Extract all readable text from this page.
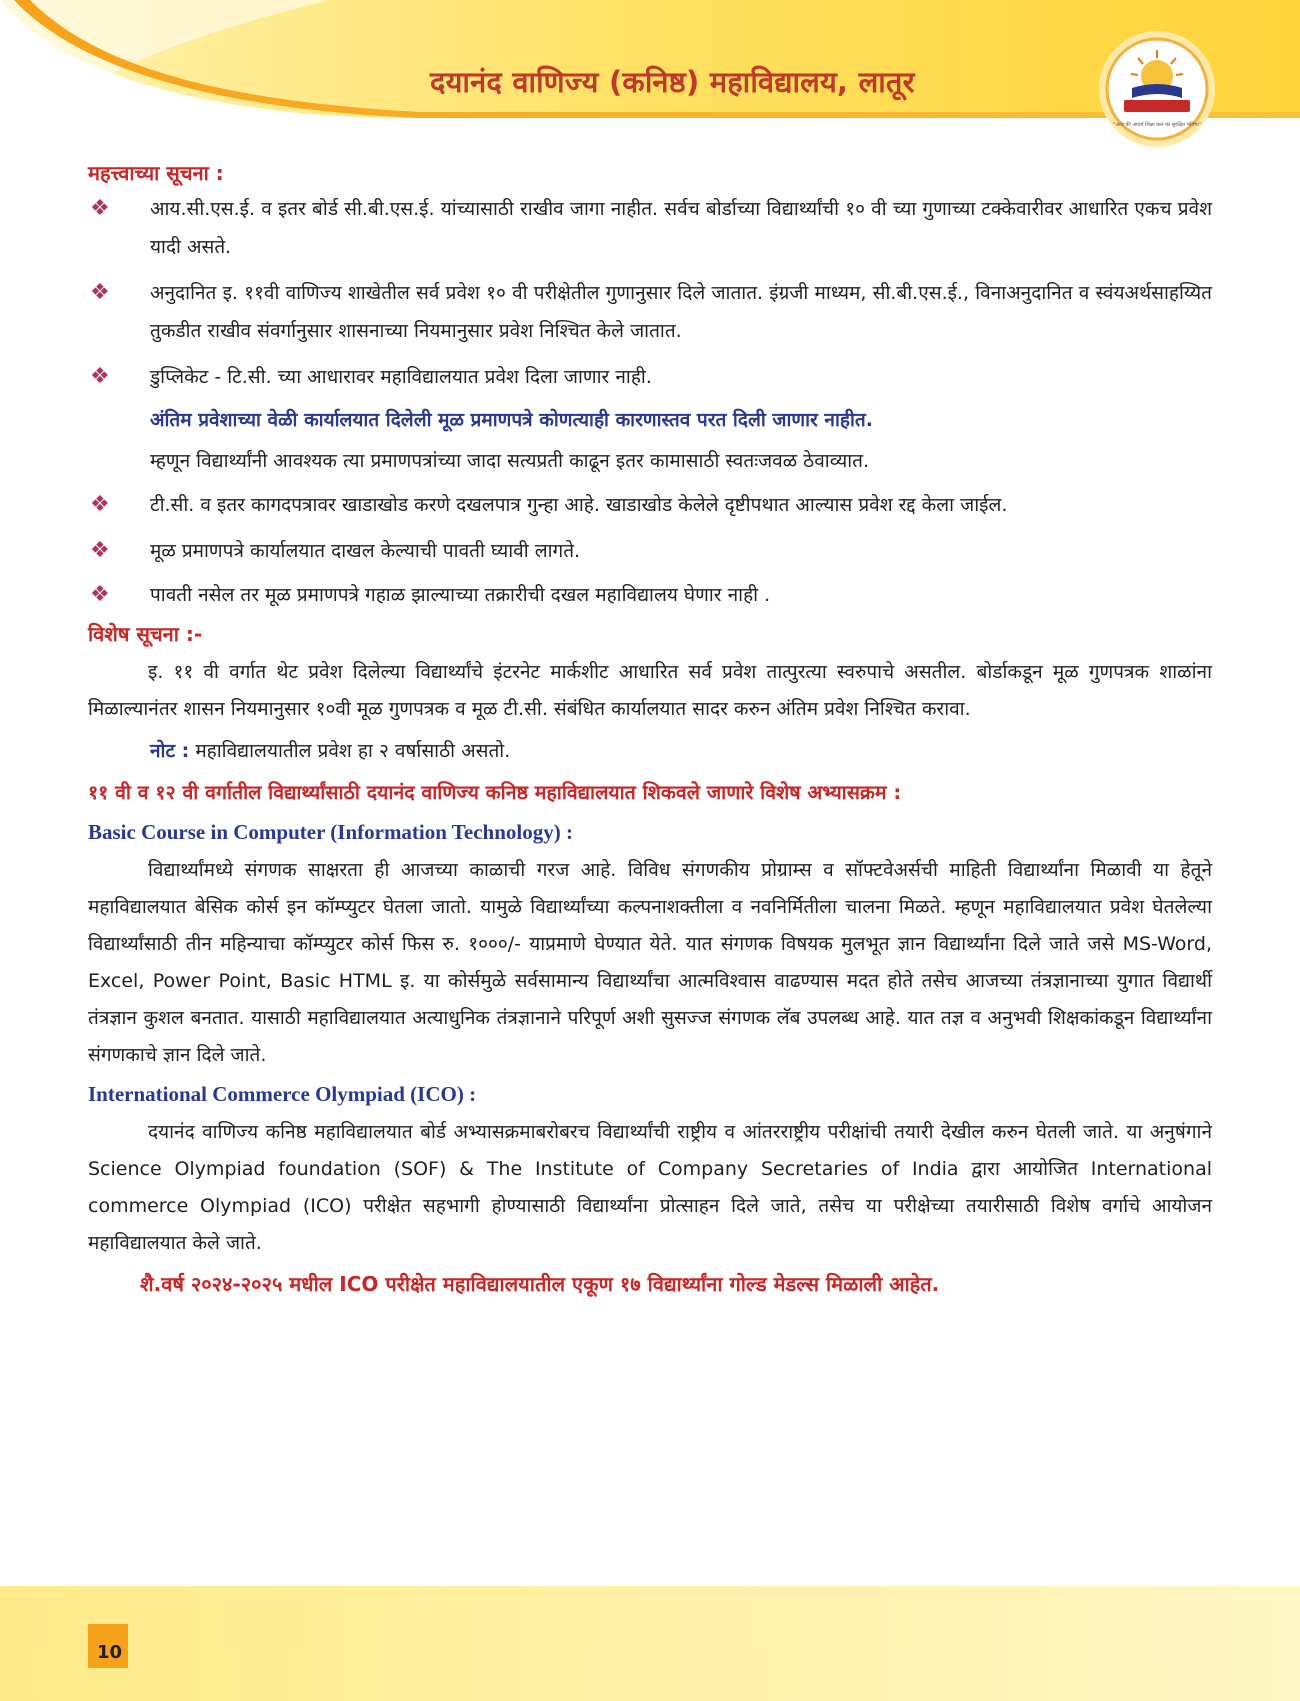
दयानंद वाणिज्य (कनिष्ठ) महाविद्यालय, लातूर
"आज की आदर्श शिक्षा कल का सुरक्षित भविष्य"

महत्त्वाच्या सूचना :

❖ आय.सी.एस.ई. व इतर बोर्ड सी.बी.एस.ई. यांच्यासाठी राखीव जागा नाहीत. सर्वच बोर्डाच्या विद्यार्थ्यांची १० वी च्या गुणाच्या टक्केवारीवर आधारित एकच प्रवेश यादी असते.
❖ अनुदानित इ. ११वी वाणिज्य शाखेतील सर्व प्रवेश १० वी परीक्षेतील गुणानुसार दिले जातात. इंग्रजी माध्यम, सी.बी.एस.ई., विनाअनुदानित व स्वंयअर्थसाहय्यित तुकडीत राखीव संवर्गानुसार शासनाच्या नियमानुसार प्रवेश निश्चित केले जातात.
❖ डुप्लिकेट - टि.सी. च्या आधारावर महाविद्यालयात प्रवेश दिला जाणार नाही.
अंतिम प्रवेशाच्या वेळी कार्यालयात दिलेली मूळ प्रमाणपत्रे कोणत्याही कारणास्तव परत दिली जाणार नाहीत.
म्हणून विद्यार्थ्यांनी आवश्यक त्या प्रमाणपत्रांच्या जादा सत्यप्रती काढून इतर कामासाठी स्वतःजवळ ठेवाव्यात.
❖ टी.सी. व इतर कागदपत्रावर खाडाखोड करणे दखलपात्र गुन्हा आहे. खाडाखोड केलेले दृष्टीपथात आल्यास प्रवेश रद्द केला जाईल.
❖ मूळ प्रमाणपत्रे कार्यालयात दाखल केल्याची पावती घ्यावी लागते.
❖ पावती नसेल तर मूळ प्रमाणपत्रे गहाळ झाल्याच्या तक्रारीची दखल महाविद्यालय घेणार नाही .

विशेष सूचना :-

इ. ११ वी वर्गात थेट प्रवेश दिलेल्या विद्यार्थ्यांचे इंटरनेट मार्कशीट आधारित सर्व प्रवेश तात्पुरत्या स्वरुपाचे असतील. बोर्डाकडून मूळ गुणपत्रक शाळांना मिळाल्यानंतर शासन नियमानुसार १०वी मूळ गुणपत्रक व मूळ टी.सी. संबंधित कार्यालयात सादर करुन अंतिम प्रवेश निश्चित करावा.

नोट : महाविद्यालयातील प्रवेश हा २ वर्षासाठी असतो.

११ वी व १२ वी वर्गातील विद्यार्थ्यांसाठी दयानंद वाणिज्य कनिष्ठ महाविद्यालयात शिकवले जाणारे विशेष अभ्यासक्रम :

Basic Course in Computer (Information Technology) :

विद्यार्थ्यांमध्ये संगणक साक्षरता ही आजच्या काळाची गरज आहे. विविध संगणकीय प्रोग्राम्स व सॉफ्टवेअर्सची माहिती विद्यार्थ्यांना मिळावी या हेतूने महाविद्यालयात बेसिक कोर्स इन कॉम्प्युटर घेतला जातो. यामुळे विद्यार्थ्यांच्या कल्पनाशक्तीला व नवनिर्मितीला चालना मिळते. म्हणून महाविद्यालयात प्रवेश घेतलेल्या विद्यार्थ्यांसाठी तीन महिन्याचा कॉम्प्युटर कोर्स फिस रु. १०००/- याप्रमाणे घेण्यात येते. यात संगणक विषयक मुलभूत ज्ञान विद्यार्थ्यांना दिले जाते जसे MS-Word, Excel, Power Point, Basic HTML इ. या कोर्समुळे सर्वसामान्य विद्यार्थ्यांचा आत्मविश्वास वाढण्यास मदत होते तसेच आजच्या तंत्रज्ञानाच्या युगात विद्यार्थी तंत्रज्ञान कुशल बनतात. यासाठी महाविद्यालयात अत्याधुनिक तंत्रज्ञानाने परिपूर्ण अशी सुसज्ज संगणक लॅब उपलब्ध आहे. यात तज्ञ व अनुभवी शिक्षकांकडून विद्यार्थ्यांना संगणकाचे ज्ञान दिले जाते.

International Commerce Olympiad (ICO) :

दयानंद वाणिज्य कनिष्ठ महाविद्यालयात बोर्ड अभ्यासक्रमाबरोबरच विद्यार्थ्यांची राष्ट्रीय व आंतरराष्ट्रीय परीक्षांची तयारी देखील करुन घेतली जाते. या अनुषंगाने Science Olympiad foundation (SOF) & The Institute of Company Secretaries of India द्वारा आयोजित International commerce Olympiad (ICO) परीक्षेत सहभागी होण्यासाठी विद्यार्थ्यांना प्रोत्साहन दिले जाते, तसेच या परीक्षेच्या तयारीसाठी विशेष वर्गाचे आयोजन महाविद्यालयात केले जाते.

शै.वर्ष २०२४-२०२५ मधील ICO परीक्षेत महाविद्यालयातील एकूण १७ विद्यार्थ्यांना गोल्ड मेडल्स मिळाली आहेत.
10
